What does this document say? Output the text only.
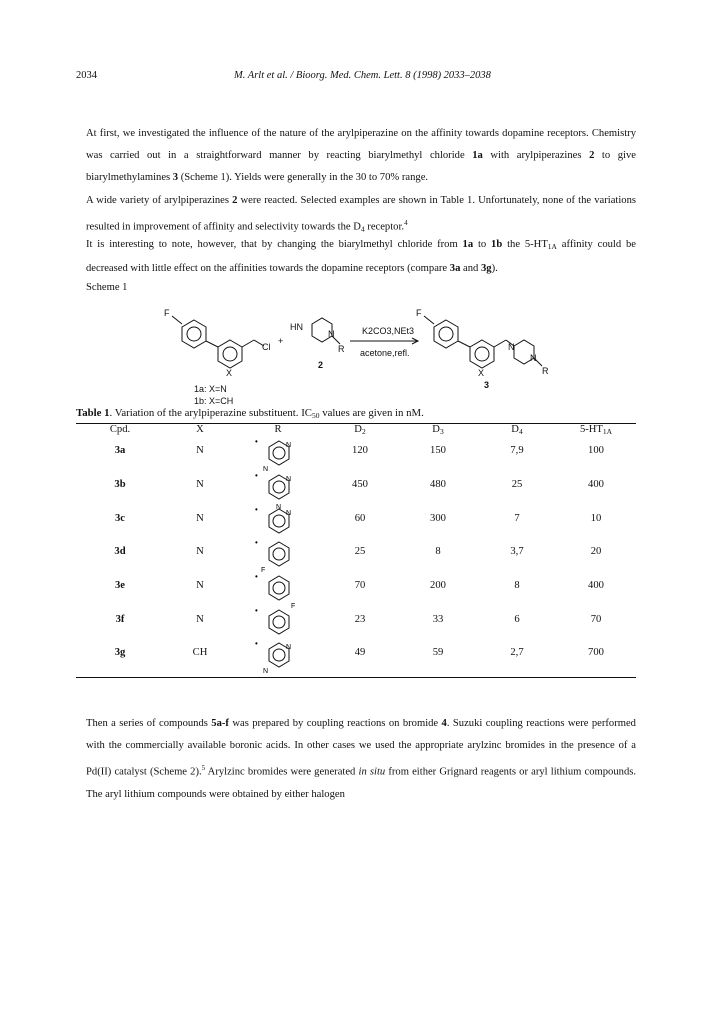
2034	M. Arlt et al. / Bioorg. Med. Chem. Lett. 8 (1998) 2033–2038
At first, we investigated the influence of the nature of the arylpiperazine on the affinity towards dopamine receptors. Chemistry was carried out in a straightforward manner by reacting biarylmethyl chloride 1a with arylpiperazines 2 to give biarylmethylamines 3 (Scheme 1). Yields were generally in the 30 to 70% range.
A wide variety of arylpiperazines 2 were reacted. Selected examples are shown in Table 1. Unfortunately, none of the variations resulted in improvement of affinity and selectivity towards the $D_4$ receptor.$^4$
It is interesting to note, however, that by changing the biarylmethyl chloride from 1a to 1b the $5-HT_{1A}$ affinity could be decreased with little effect on the affinities towards the dopamine receptors (compare 3a and 3g).
Scheme 1
F
Cl
X
+
HN
N
R
2
K2CO3,NEt3
acetone,refl.
F
X
N
N
R
3
1a: X=N
1b: X=CH
Table 1. Variation of the arylpiperazine substituent. $IC_{50}$ values are given in nM.
Cpd.	X	R	$D_2$	$D_3$	$D_4$	$5-HT_{1A}$
3a	N	120	150	7,9	100
•	N
N
3b	N	450	480	25	400
•	N
N
3c	N	60	300	7	10
•	N
3d	N	25	8	3,7	20
•
F
3e	N	70	200	8	400
•
F
3f	N	23	33	6	70
•
3g	CH	49	59	2,7	700
•	N
N
Then a series of compounds 5a-f was prepared by coupling reactions on bromide 4. Suzuki coupling reactions were performed with the commercially available boronic acids. In other cases we used the appropriate arylzinc bromides in the presence of a Pd(II) catalyst (Scheme 2).$^5$ Arylzinc bromides were generated in situ from either Grignard reagents or aryl lithium compounds. The aryl lithium compounds were obtained by either halogen
